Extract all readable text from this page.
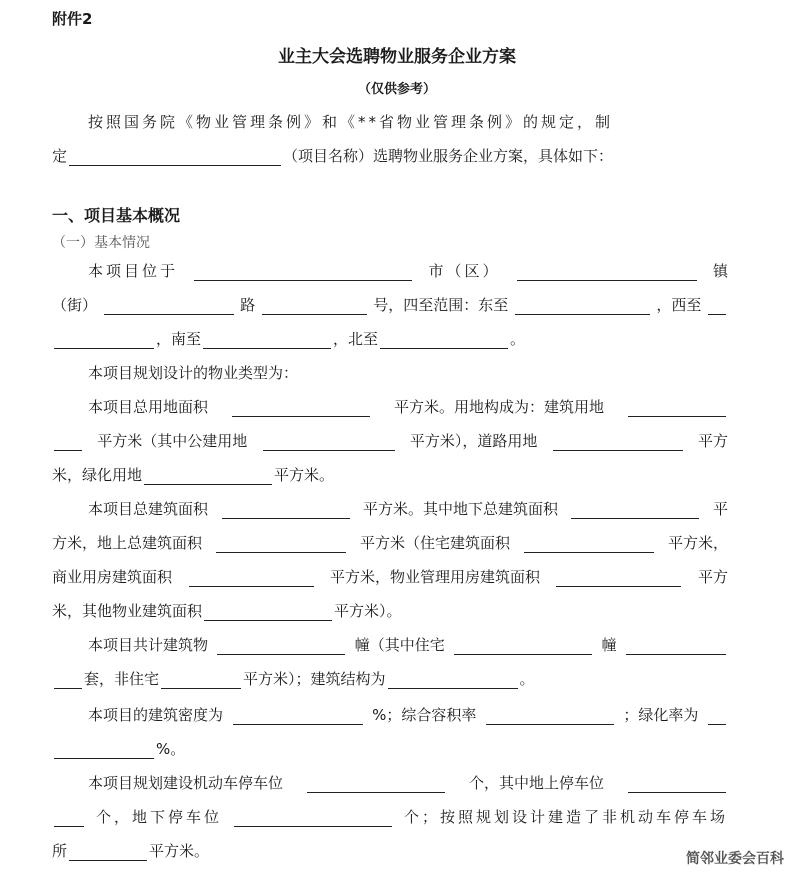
附件2
业主大会选聘物业服务企业方案
（仅供参考）
按照国务院《物业管理条例》和《**省物业管理条例》的规定，制
定	（项目名称）选聘物业服务企业方案，具体如下：
一、项目基本概况
（一）基本情况
本项目位于	市（区）	镇
（街）	路	号，四至范围：东至	，西至
，南至	，北至	。
本项目规划设计的物业类型为：
本项目总用地面积	平方米。用地构成为：建筑用地
平方米（其中公建用地	平方米），道路用地	平方
米，绿化用地	平方米。
本项目总建筑面积	平方米。其中地下总建筑面积	平
方米，地上总建筑面积	平方米（住宅建筑面积	平方米，
商业用房建筑面积	平方米，物业管理用房建筑面积	平方
米，其他物业建筑面积	平方米）。
本项目共计建筑物	幢（其中住宅	幢
套，非住宅	平方米）；建筑结构为	。
本项目的建筑密度为	%；综合容积率	；绿化率为
%。
本项目规划建设机动车停车位	个，其中地上停车位
个，地下停车位	个；按照规划设计建造了非机动车停车场
所	平方米。	简邻业委会百科
